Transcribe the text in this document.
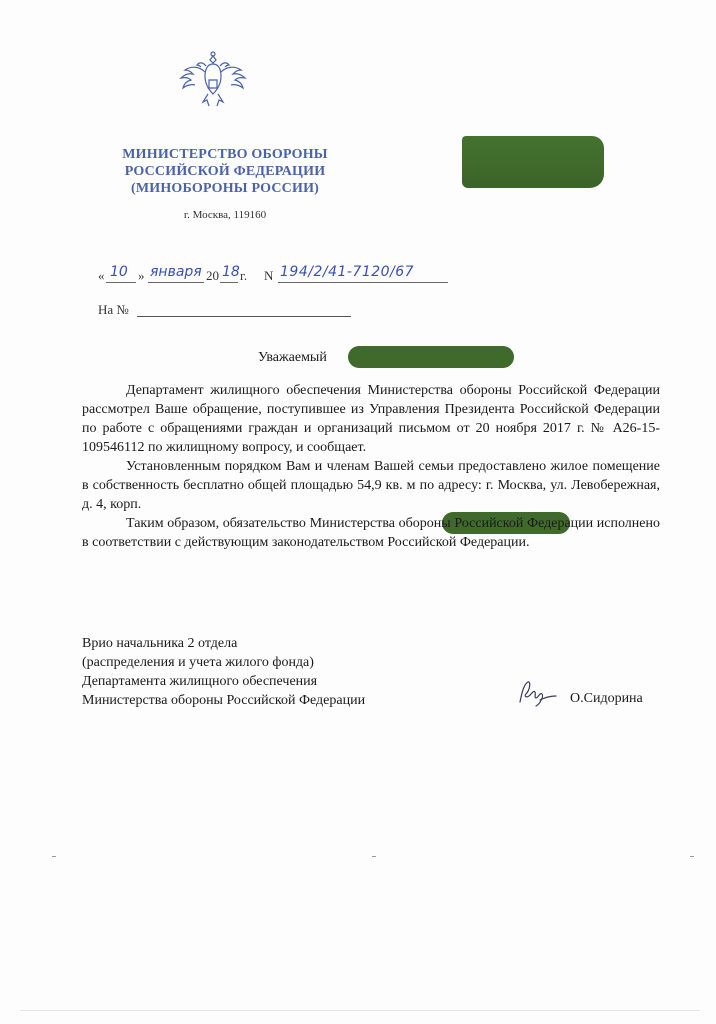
МИНИСТЕРСТВО ОБОРОНЫ
РОССИЙСКОЙ ФЕДЕРАЦИИ
(МИНОБОРОНЫ РОССИИ)
г. Москва, 119160
« 10 » января 20 18 г. N 194/2/41-7120/67
На №
Уважаемый

Департамент жилищного обеспечения Министерства обороны Российской Федерации рассмотрел Ваше обращение, поступившее из Управления Президента Российской Федерации по работе с обращениями граждан и организаций письмом от 20 ноября 2017 г. № А26-15-109546112 по жилищному вопросу, и сообщает.

Установленным порядком Вам и членам Вашей семьи предоставлено жилое помещение в собственность бесплатно общей площадью 54,9 кв. м по адресу: г. Москва, ул. Левобережная, д. 4, корп.

Таким образом, обязательство Министерства обороны Российской Федерации исполнено в соответствии с действующим законодательством Российской Федерации.

Врио начальника 2 отдела
(распределения и учета жилого фонда)
Департамента жилищного обеспечения
Министерства обороны Российской Федерации	О.Сидорина
